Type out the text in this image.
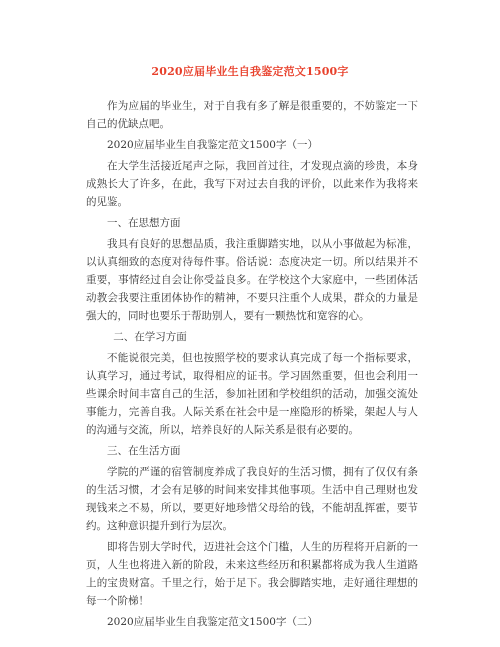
2020应届毕业生自我鉴定范文1500字

作为应届的毕业生，对于自我有多了解是很重要的，不妨鉴定一下自己的优缺点吧。

2020应届毕业生自我鉴定范文1500字（一）

在大学生活接近尾声之际，我回首过往，才发现点滴的珍贵，本身成熟长大了许多，在此，我写下对过去自我的评价，以此来作为我将来的见鉴。

一、在思想方面

我具有良好的思想品质，我注重脚踏实地，以从小事做起为标准，以认真细致的态度对待每件事。俗话说：态度决定一切。所以结果并不重要，事情经过自会让你受益良多。在学校这个大家庭中，一些团体活动教会我要注重团体协作的精神，不要只注重个人成果，群众的力量是强大的，同时也要乐于帮助别人，要有一颗热忱和宽容的心。

二、在学习方面

不能说很完美，但也按照学校的要求认真完成了每一个指标要求，认真学习，通过考试，取得相应的证书。学习固然重要，但也会利用一些课余时间丰富自己的生活，参加社团和学校组织的活动，加强交流处事能力，完善自我。人际关系在社会中是一座隐形的桥梁，架起人与人的沟通与交流，所以，培养良好的人际关系是很有必要的。

三、在生活方面

学院的严谨的宿管制度养成了我良好的生活习惯，拥有了仅仅有条的生活习惯，才会有足够的时间来安排其他事项。生活中自己理财也发现钱来之不易，所以，要更好地珍惜父母给的钱，不能胡乱挥霍，要节约。这种意识提升到行为层次。

即将告别大学时代，迈进社会这个门槛，人生的历程将开启新的一页，人生也将进入新的阶段，未来这些经历和积累都将成为我人生道路上的宝贵财富。千里之行，始于足下。我会脚踏实地，走好通往理想的每一个阶梯！

2020应届毕业生自我鉴定范文1500字（二）
